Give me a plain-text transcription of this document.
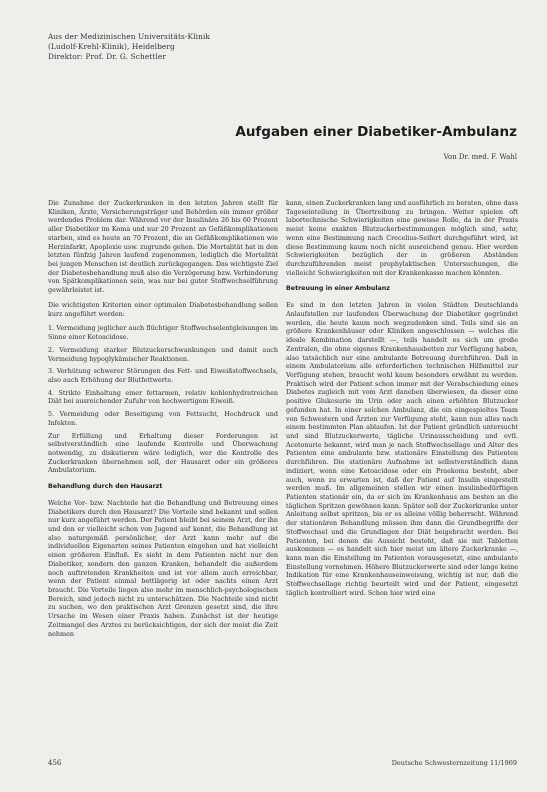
Aus der Medizinischen Universitäts-Klinik
(Ludolf-Krehl-Klinik), Heidelberg
Direktor: Prof. Dr. G. Schettler
Aufgaben einer Diabetiker-Ambulanz
Von Dr. med. F. Wahl

Die Zunahme der Zuckerkranken in den letzten Jahren stellt für Kliniken, Ärzte, Versicherungsträger und Behörden ein immer größer werdendes Problem dar. Während vor der Insulinära 26 bis 60 Prozent aller Diabetiker im Koma und nur 20 Prozent an Gefäßkomplikationen starben, sind es heute an 70 Prozent, die an Gefäßkomplikationen wie Herzinfarkt, Apoplexie usw. zugrunde gehen. Die Mortalität hat in den letzten fünfzig Jahren laufend zugenommen, lediglich die Mortalität bei jungen Menschen ist deutlich zurückgegangen. Das wichtigste Ziel der Diabetesbehandlung muß also die Verzögerung bzw. Verhinderung von Spätkomplikationen sein, was nur bei guter Stoffwechselführung gewährleistet ist.

Die wichtigsten Kriterien einer optimalen Diabetesbehandlung sollen kurz angeführt werden:

1. Vermeidung jeglicher auch flüchtiger Stoffwechselentgleisungen im Sinne einer Ketoacidose.

2. Vermeidung starker Blutzuckerschwankungen und damit auch Vermeidung hypoglykämischer Reaktionen.

3. Verhütung schwerer Störungen des Fett- und Eiweißstoffwechsels, also auch Erhöhung der Blutfettwerte.

4. Strikte Einhaltung einer fettarmen, relativ kohlenhydratreichen Diät bei ausreichender Zufuhr von hochwertigem Eiweiß.

5. Vermeidung oder Beseitigung von Fettsucht, Hochdruck und Infekten.

Zur Erfüllung und Erhaltung dieser Forderungen ist selbstverständlich eine laufende Kontrolle und Überwachung notwendig, zu diskutieren wäre lediglich, wer die Kontrolle des Zuckerkranken übernehmen soll, der Hausarzt oder ein größeres Ambulatorium.

Behandlung durch den Hausarzt

Welche Vor- bzw. Nachteile hat die Behandlung und Betreuung eines Diabetikers durch den Hausarzt? Die Vorteile sind bekannt und sollen nur kurz angeführt werden. Der Patient bleibt bei seinem Arzt, der ihn und den er vielleicht schon von Jugend auf kennt, die Behandlung ist also naturgemäß persönlicher, der Arzt kann mehr auf die individuellen Eigenarten seines Patienten eingehen und hat vielleicht einen größeren Einfluß. Es sieht in dem Patienten nicht nur den Diabetiker, sondern den ganzen Kranken, behandelt die außerdem noch auftretenden Krankheiten und ist vor allem auch erreichbar, wenn der Patient einmal bettlägerig ist oder nachts einen Arzt braucht. Die Vorteile liegen also mehr im menschlich-psychologischen Bereich, sind jedoch nicht zu unterschätzen. Die Nachteile sind nicht zu suchen, wo den praktischen Arzt Grenzen gesetzt sind, die ihre Ursache im Wesen einer Praxis haben. Zunächst ist der heutige Zeitmangel des Arztes zu berücksichtigen, der sich der meist die Zeit nehmen

kann, einen Zuckerkranken lang und ausführlich zu beraten, ohne dass Tageseinteilung in Übertreibung zu bringen. Weiter spielen oft labortechnische Schwierigkeiten eine gewisse Rolle, da in der Praxis meist keine exakten Blutzuckerbestimmungen möglich sind, sehr, wenn eine Bestimmung nach Crecelius-Seifert durchgeführt wird, ist diese Bestimmung kaum noch nicht ausreichend genau. Hier werden Schwierigkeiten bezüglich der in größeren Abständen durchzuführenden meist prophylaktischen Untersuchungen, die vielleicht Schwierigkeiten mit der Krankenkasse machen könnten.

Betreuung in einer Ambulanz

Es sind in den letzten Jahren in vielen Städten Deutschlands Anlaufstellen zur laufenden Überwachung der Diabetiker gegründet worden, die heute kaum noch wegzudenken sind. Teils sind sie an größere Krankenhäuser oder Kliniken angeschlossen — welches die ideale Kombination darstellt —, teils handelt es sich um große Zentralen, die ohne eigenes Krankenhausbetten zur Verfügung haben, also tatsächlich nur eine ambulante Betreuung durchführen. Daß in einem Ambulatorium alle erforderlichen technischen Hilfsmittel zur Verfügung stehen, braucht wohl kaum besonders erwähnt zu werden. Praktisch wird der Patient schon immer mit der Verabschiedung eines Diabetes zugleich mit vom Arzt daneben überwiesen, da dieser eine positive Glukosurie im Urin oder auch einen erhöhten Blutzucker gefunden hat. In einer solchen Ambulanz, die ein eingespieltes Team von Schwestern und Ärzten zur Verfügung steht, kann nun alles nach einem bestimmten Plan ablaufen. Ist der Patient gründlich untersucht und sind Blutzuckerwerte, tägliche Urinausscheidung und evtl. Acetonurie bekannt, wird man je nach Stoffwechsellage und Alter des Patienten eine ambulante bzw. stationäre Einstellung des Patienten durchführen. Die stationäre Aufnahme ist selbstverständlich dann indiziert, wenn eine Ketoacidose oder ein Praekoma besteht, aber auch, wenn zu erwarten ist, daß der Patient auf Insulin eingestellt werden muß. Im allgemeinen stellen wir einen insulinbedürftigen Patienten stationär ein, da er sich im Krankenhaus am besten an die täglichen Spritzen gewöhnen kann. Später soll der Zuckerkranke unter Anleitung selbst spritzen, bis er es alleine völlig beherrscht. Während der stationären Behandlung müssen ihm dann die Grundbegriffe der Stoffwechsel und die Grundlagen der Diät beigebracht werden. Bei Patienten, bei denen die Aussicht besteht, daß sie mit Tabletten auskommen — es handelt sich hier meist um ältere Zuckerkranke —, kann man die Einstellung im Patienten vorausgesetzt, eine ambulante Einstellung vornehmen. Höhere Blutzuckerwerte sind oder lange keine Indikation für eine Krankenhauseinweisung, wichtig ist nur, daß die Stoffwechsellage richtig beurteilt wird und der Patient, eingesetzt täglich kontrolliert wird. Schon hier wird eine

456	Deutsche Schwesternzeitung 11/1969
